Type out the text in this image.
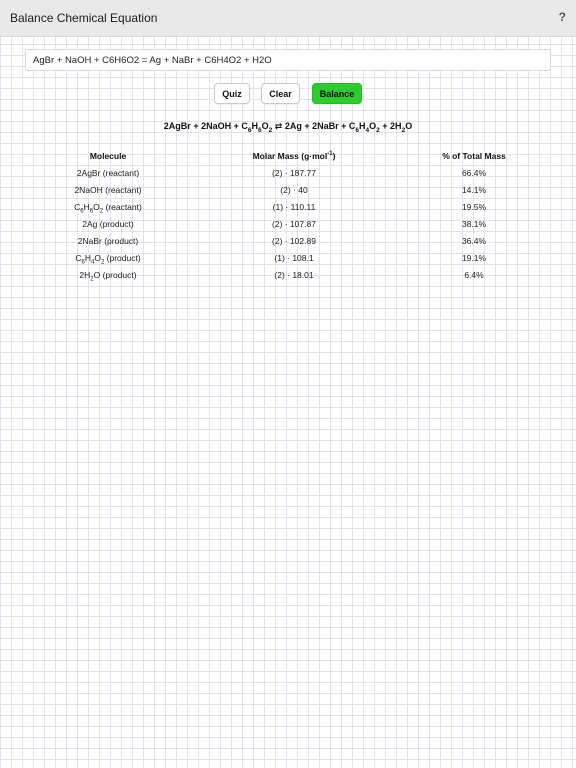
Balance Chemical Equation	?
AgBr + NaOH + C6H6O2 = Ag + NaBr + C6H4O2 + H2O
Quiz	Clear	Balance
2AgBr + 2NaOH + $C_6H_6O_2$ ⇄ 2Ag + 2NaBr + $C_6H_4O_2 + 2H_2O$
Molecule	Molar Mass (g·mol$^{-1}$)	% of Total Mass
2AgBr (reactant)	(2) · 187.77	66.4%
2NaOH (reactant)	(2) · 40	14.1%
$C_6H_6O_2$ (reactant)	(1) · 110.11	19.5%
2Ag (product)	(2) · 107.87	38.1%
2NaBr (product)	(2) · 102.89	36.4%
$C_6H_4O_2$ (product)	(1) · 108.1	19.1%
$2H_2O$ (product)	(2) · 18.01	6.4%
